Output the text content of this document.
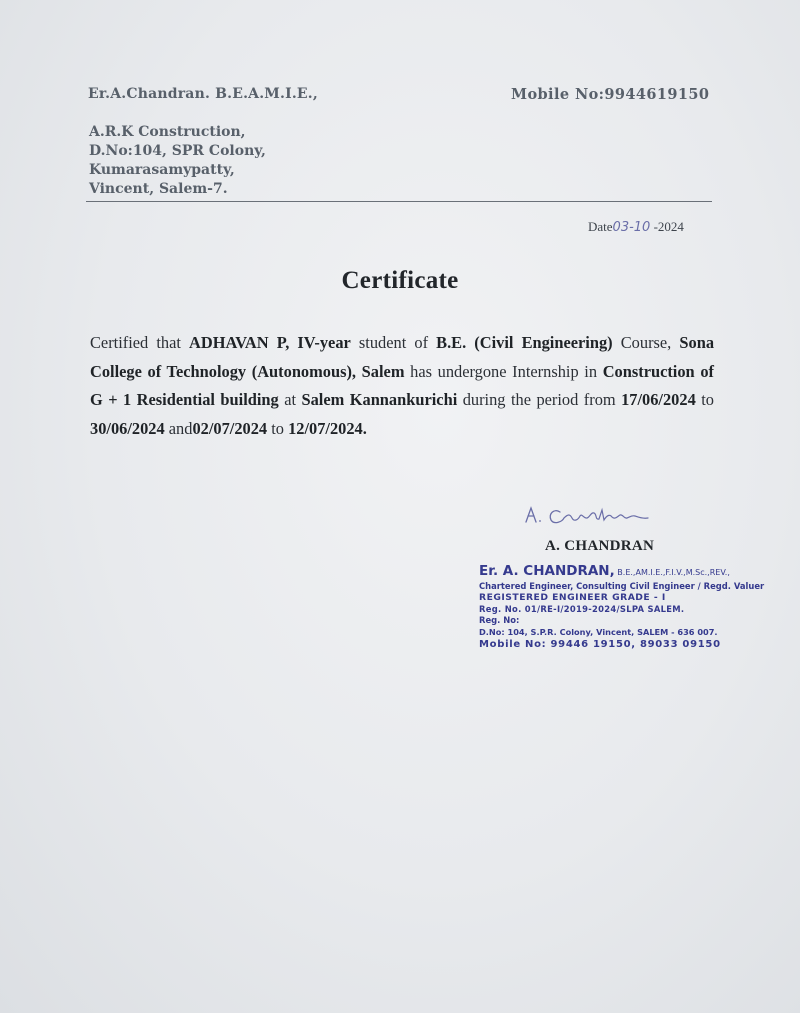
Er.A.Chandran. B.E.A.M.I.E.,	Mobile No:9944619150
A.R.K Construction,
D.No:104, SPR Colony,
Kumarasamypatty,
Vincent, Salem-7.
Date03-10 -2024
Certificate
Certified that ADHAVAN P, IV-year student of B.E. (Civil Engineering) Course, Sona College of Technology (Autonomous), Salem has undergone Internship in Construction of G + 1 Residential building at Salem Kannankurichi during the period from 17/06/2024 to 30/06/2024 and02/07/2024 to 12/07/2024.
A. CHANDRAN
Er. A. CHANDRAN, B.E.,AM.I.E.,F.I.V.,M.Sc.,REV.,
Chartered Engineer, Consulting Civil Engineer / Regd. Valuer
REGISTERED ENGINEER GRADE - I
Reg. No. 01/RE-I/2019-2024/SLPA SALEM.
Reg. No:
D.No: 104, S.P.R. Colony, Vincent, SALEM - 636 007.
Mobile No: 99446 19150, 89033 09150
